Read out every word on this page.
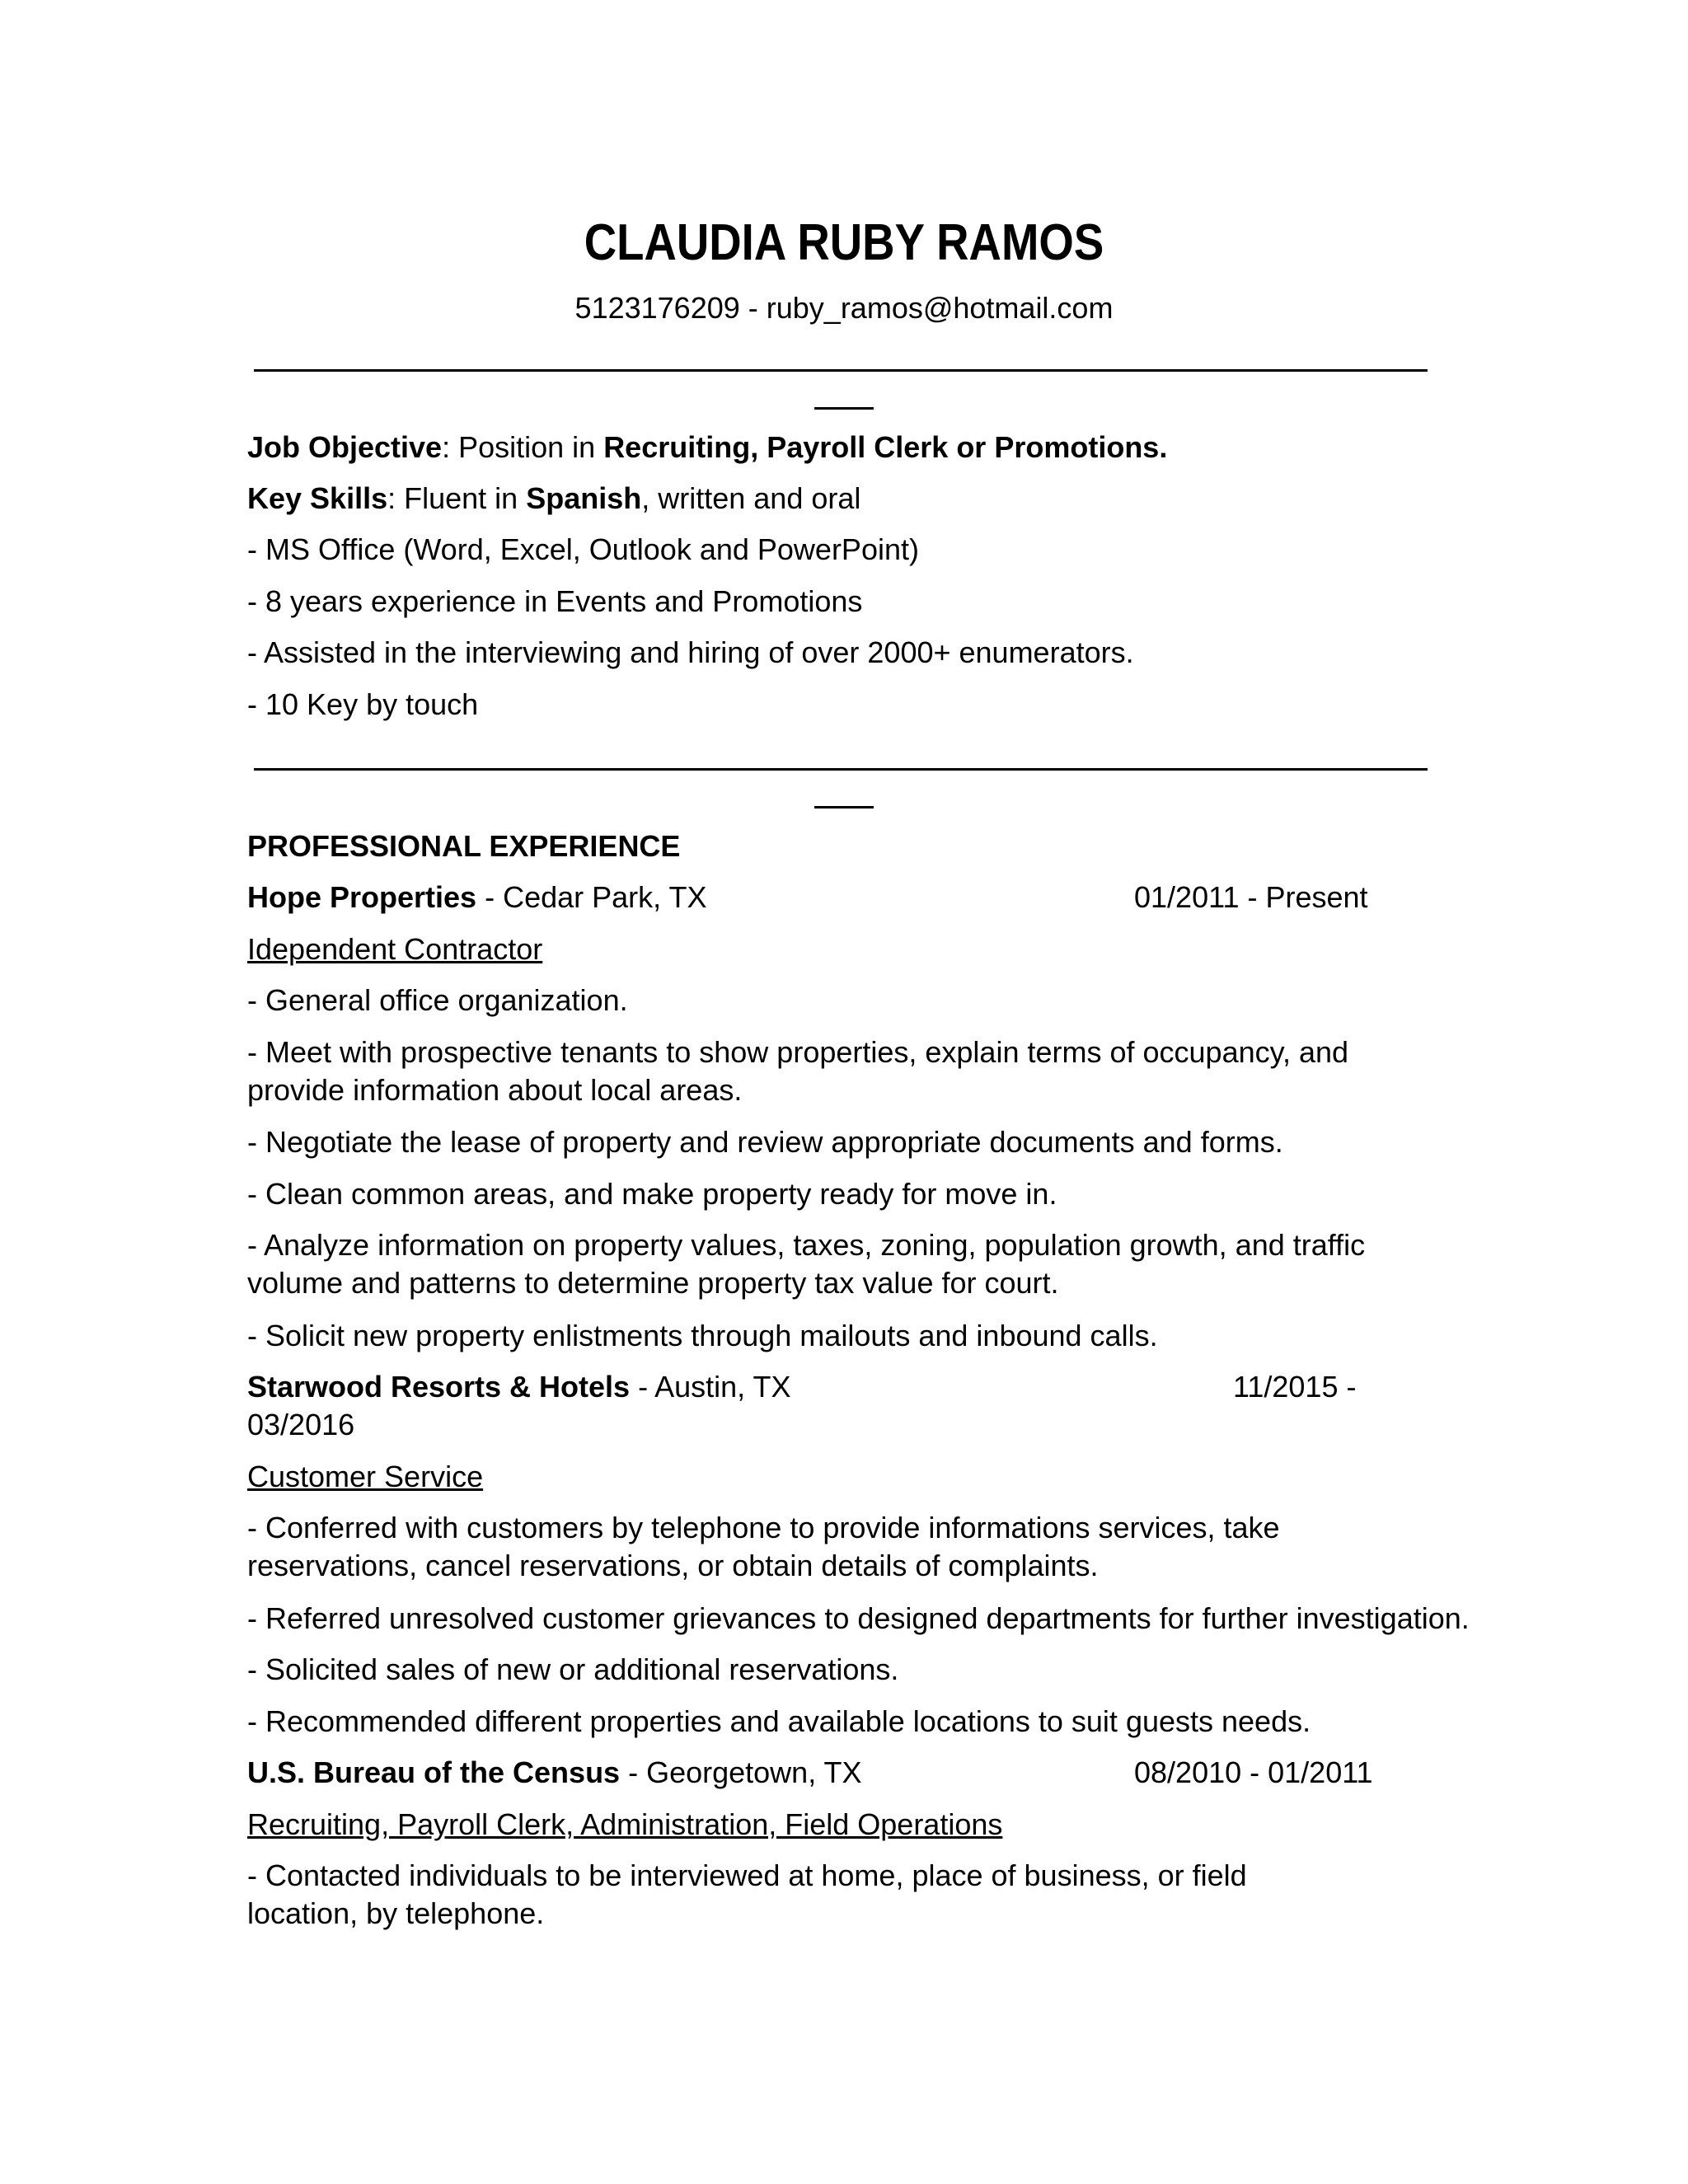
CLAUDIA RUBY RAMOS
5123176209 - ruby_ramos@hotmail.com
Job Objective: Position in Recruiting, Payroll Clerk or Promotions.
Key Skills: Fluent in Spanish, written and oral
- MS Office (Word, Excel, Outlook and PowerPoint)
- 8 years experience in Events and Promotions
- Assisted in the interviewing and hiring of over 2000+ enumerators.
- 10 Key by touch
PROFESSIONAL EXPERIENCE
Hope Properties - Cedar Park, TX	01/2011 - Present
Idependent Contractor
- General office organization.
- Meet with prospective tenants to show properties, explain terms of occupancy, and provide information about local areas.
- Negotiate the lease of property and review appropriate documents and forms.
- Clean common areas, and make property ready for move in.
- Analyze information on property values, taxes, zoning, population growth, and traffic volume and patterns to determine property tax value for court.
- Solicit new property enlistments through mailouts and inbound calls.
Starwood Resorts & Hotels - Austin, TX	11/2015 -
03/2016
Customer Service
- Conferred with customers by telephone to provide informations services, take reservations, cancel reservations, or obtain details of complaints.
- Referred unresolved customer grievances to designed departments for further investigation.
- Solicited sales of new or additional reservations.
- Recommended different properties and available locations to suit guests needs.
U.S. Bureau of the Census - Georgetown, TX	08/2010 - 01/2011
Recruiting, Payroll Clerk, Administration, Field Operations
- Contacted individuals to be interviewed at home, place of business, or field location, by telephone.
